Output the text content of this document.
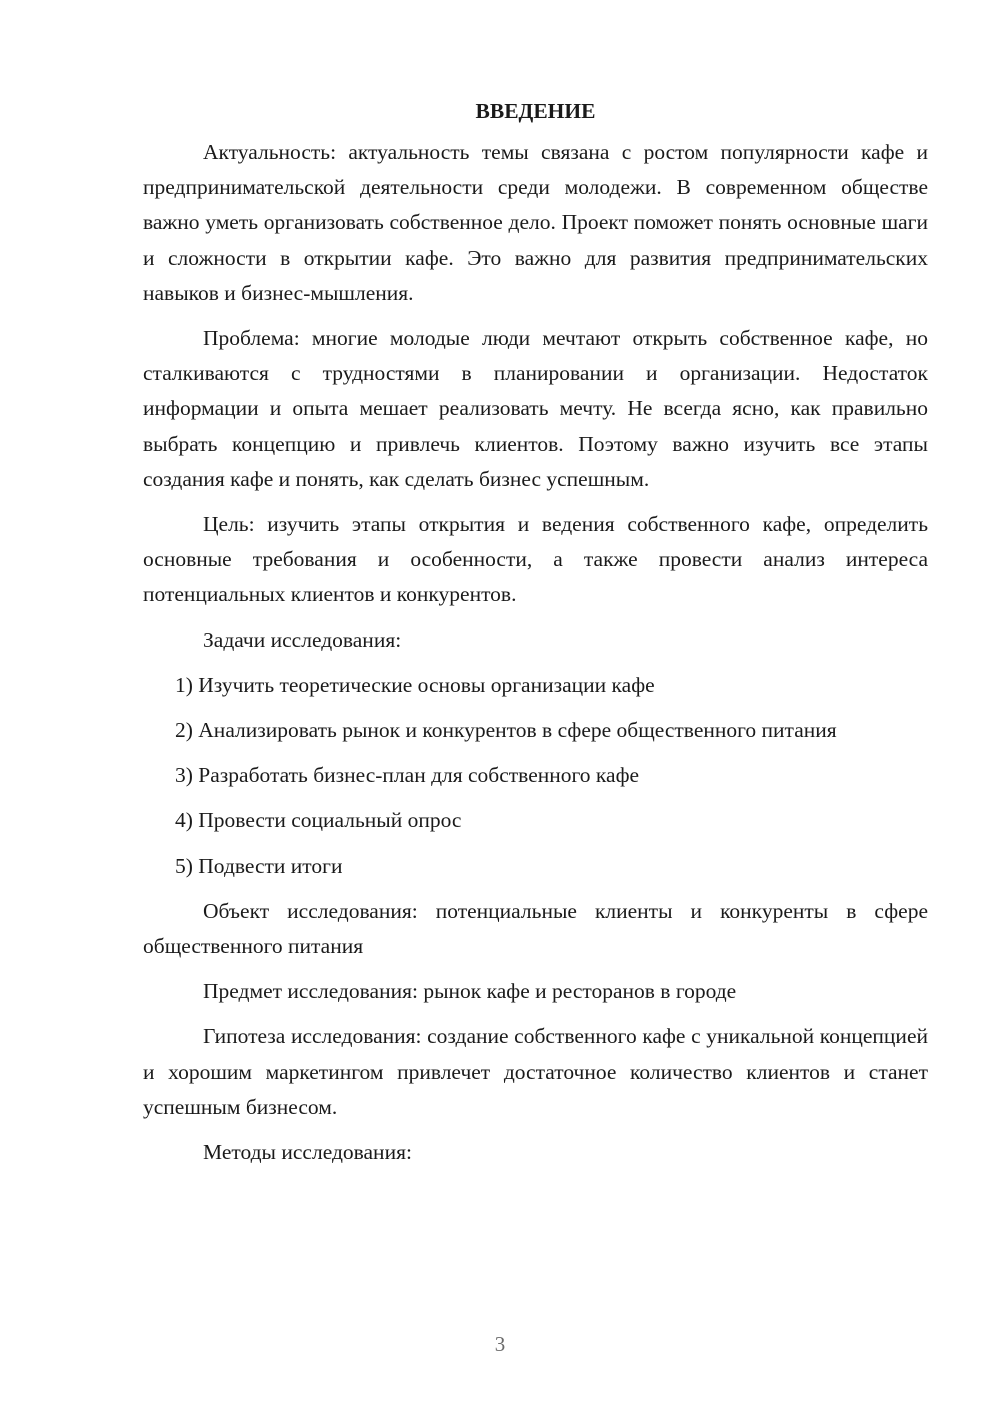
ВВЕДЕНИЕ

Актуальность: актуальность темы связана с ростом популярности кафе и предпринимательской деятельности среди молодежи. В современном обществе важно уметь организовать собственное дело. Проект поможет понять основные шаги и сложности в открытии кафе. Это важно для развития предпринимательских навыков и бизнес-мышления.

Проблема: многие молодые люди мечтают открыть собственное кафе, но сталкиваются с трудностями в планировании и организации. Недостаток информации и опыта мешает реализовать мечту. Не всегда ясно, как правильно выбрать концепцию и привлечь клиентов. Поэтому важно изучить все этапы создания кафе и понять, как сделать бизнес успешным.

Цель: изучить этапы открытия и ведения собственного кафе, определить основные требования и особенности, а также провести анализ интереса потенциальных клиентов и конкурентов.

Задачи исследования:

1) Изучить теоретические основы организации кафе

2) Анализировать рынок и конкурентов в сфере общественного питания

3) Разработать бизнес-план для собственного кафе

4) Провести социальный опрос

5) Подвести итоги

Объект исследования: потенциальные клиенты и конкуренты в сфере общественного питания

Предмет исследования: рынок кафе и ресторанов в городе

Гипотеза исследования: создание собственного кафе с уникальной концепцией и хорошим маркетингом привлечет достаточное количество клиентов и станет успешным бизнесом.

Методы исследования:

3
